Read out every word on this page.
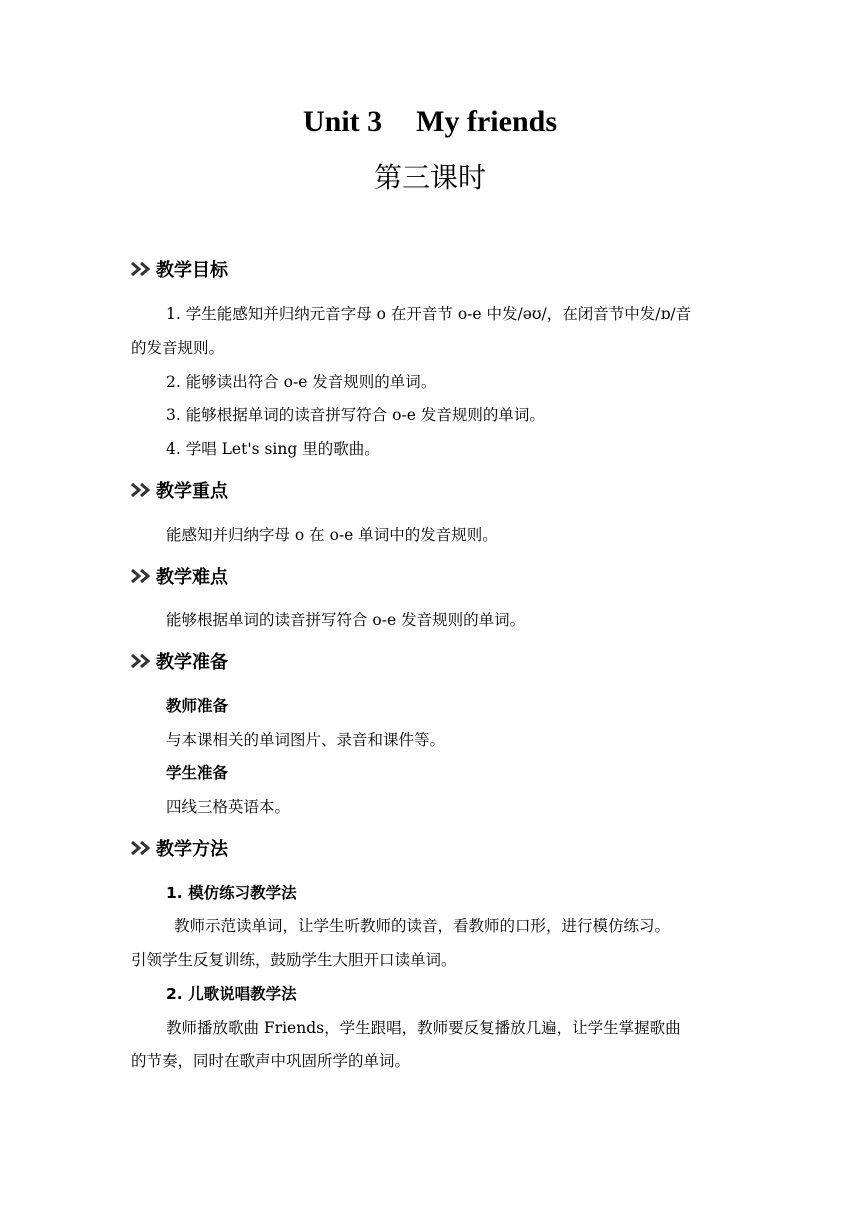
Unit 3 My friends
第三课时
教学目标
1. 学生能感知并归纳元音字母 o 在开音节 o-e 中发/əʊ/，在闭音节中发/ɒ/音
的发音规则。
2. 能够读出符合 o-e 发音规则的单词。
3. 能够根据单词的读音拼写符合 o-e 发音规则的单词。
4. 学唱 Let's sing 里的歌曲。
教学重点
能感知并归纳字母 o 在 o-e 单词中的发音规则。
教学难点
能够根据单词的读音拼写符合 o-e 发音规则的单词。
教学准备
教师准备
与本课相关的单词图片、录音和课件等。
学生准备
四线三格英语本。
教学方法
1. 模仿练习教学法
教师示范读单词，让学生听教师的读音，看教师的口形，进行模仿练习。
引领学生反复训练，鼓励学生大胆开口读单词。
2. 儿歌说唱教学法
教师播放歌曲 Friends，学生跟唱，教师要反复播放几遍，让学生掌握歌曲
的节奏，同时在歌声中巩固所学的单词。
